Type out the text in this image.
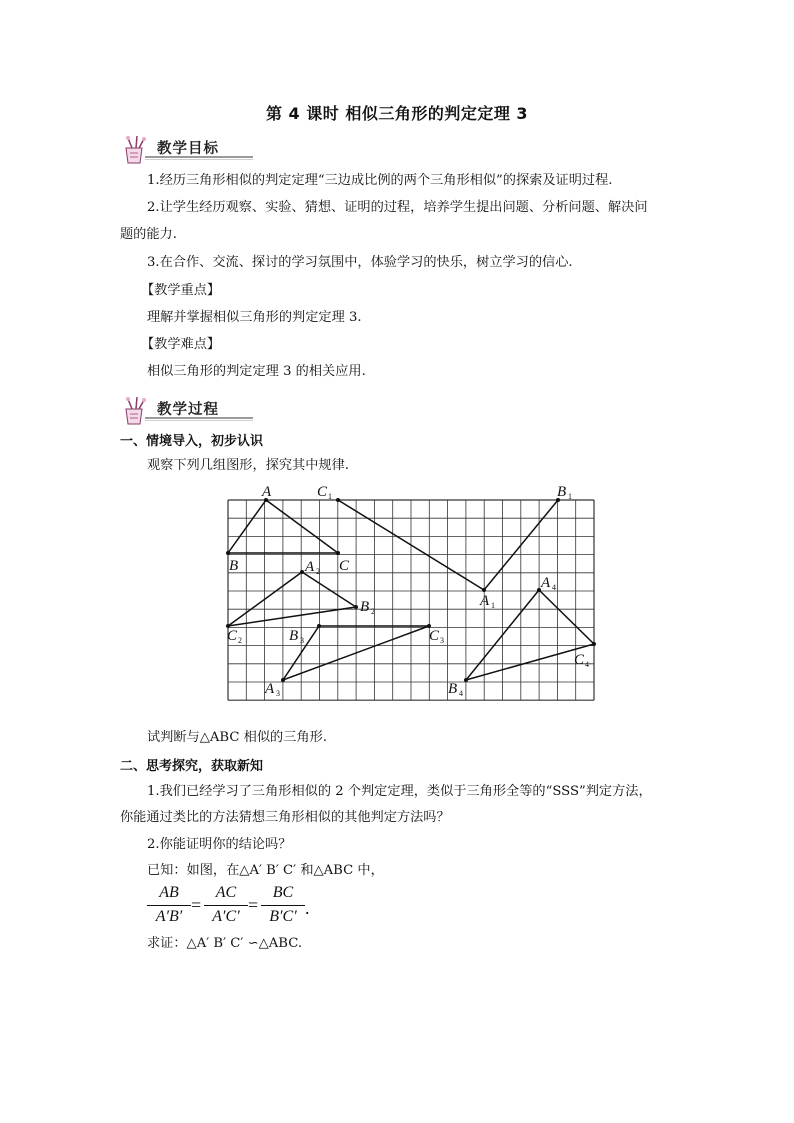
第 4 课时 相似三角形的判定定理 3
教学目标
1.经历三角形相似的判定定理“三边成比例的两个三角形相似”的探索及证明过程.
2.让学生经历观察、实验、猜想、证明的过程，培养学生提出问题、分析问题、解决问
题的能力.
3.在合作、交流、探讨的学习氛围中，体验学习的快乐，树立学习的信心.
【教学重点】
理解并掌握相似三角形的判定定理 3.
【教学难点】
相似三角形的判定定理 3 的相关应用.
教学过程
一、情境导入，初步认识
观察下列几组图形，探究其中规律.
A
B	C
C 1
A 1
B 1
A 2
B 2
C 2
A 3
B 3	C 3
A 4
B 4
C 4
试判断与△ABC 相似的三角形.
二、思考探究，获取新知
1.我们已经学习了三角形相似的 2 个判定定理，类似于三角形全等的“SSS”判定方法，
你能通过类比的方法猜想三角形相似的其他判定方法吗？
2.你能证明你的结论吗？
已知：如图，在△A′ B′ C′ 和△ABC 中，
AB
A′B′
=
AC
A′C′
=
BC
B′C′ .
求证：△A′ B′ C′ ∽△ABC.
